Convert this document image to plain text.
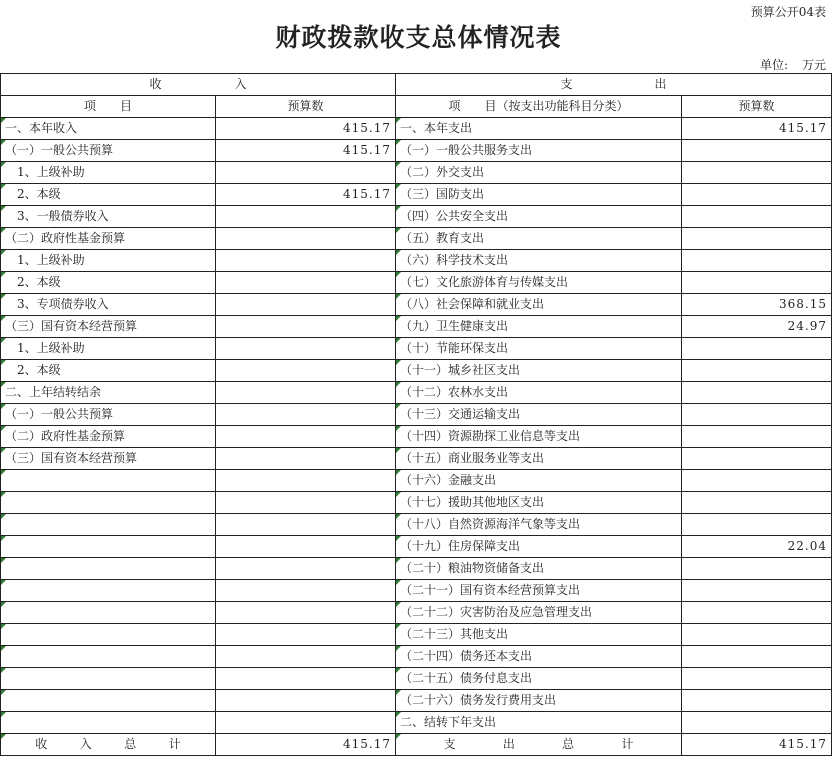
预算公开04表
财政拨款收支总体情况表
单位: 万元
收 入		支 出	

项　　目	预算数	项　　目（按支出功能科目分类）	预算数
一、本年收入	415.17	一、本年支出	415.17
（一）一般公共预算	415.17	（一）一般公共服务支出	
　1、上级补助		（二）外交支出	
　2、本级	415.17	（三）国防支出	
　3、一般债券收入		（四）公共安全支出	
（二）政府性基金预算		（五）教育支出	
　1、上级补助		（六）科学技术支出	
　2、本级		（七）文化旅游体育与传媒支出	
　3、专项债券收入		（八）社会保障和就业支出	368.15
（三）国有资本经营预算		（九）卫生健康支出	24.97
　1、上级补助		（十）节能环保支出	
　2、本级		（十一）城乡社区支出	
二、上年结转结余		（十二）农林水支出	
（一）一般公共预算		（十三）交通运输支出	
（二）政府性基金预算		（十四）资源勘探工业信息等支出	
（三）国有资本经营预算		（十五）商业服务业等支出	
		（十六）金融支出	
		（十七）援助其他地区支出	
		（十八）自然资源海洋气象等支出	
		（十九）住房保障支出	22.04
		（二十）粮油物资储备支出	
		（二十一）国有资本经营预算支出	
		（二十二）灾害防治及应急管理支出	
		（二十三）其他支出	
		（二十四）债务还本支出	
		（二十五）债务付息支出	
		（二十六）债务发行费用支出	
		二、结转下年支出	

收 入 总 计	415.17	支 出 总 计	415.17
